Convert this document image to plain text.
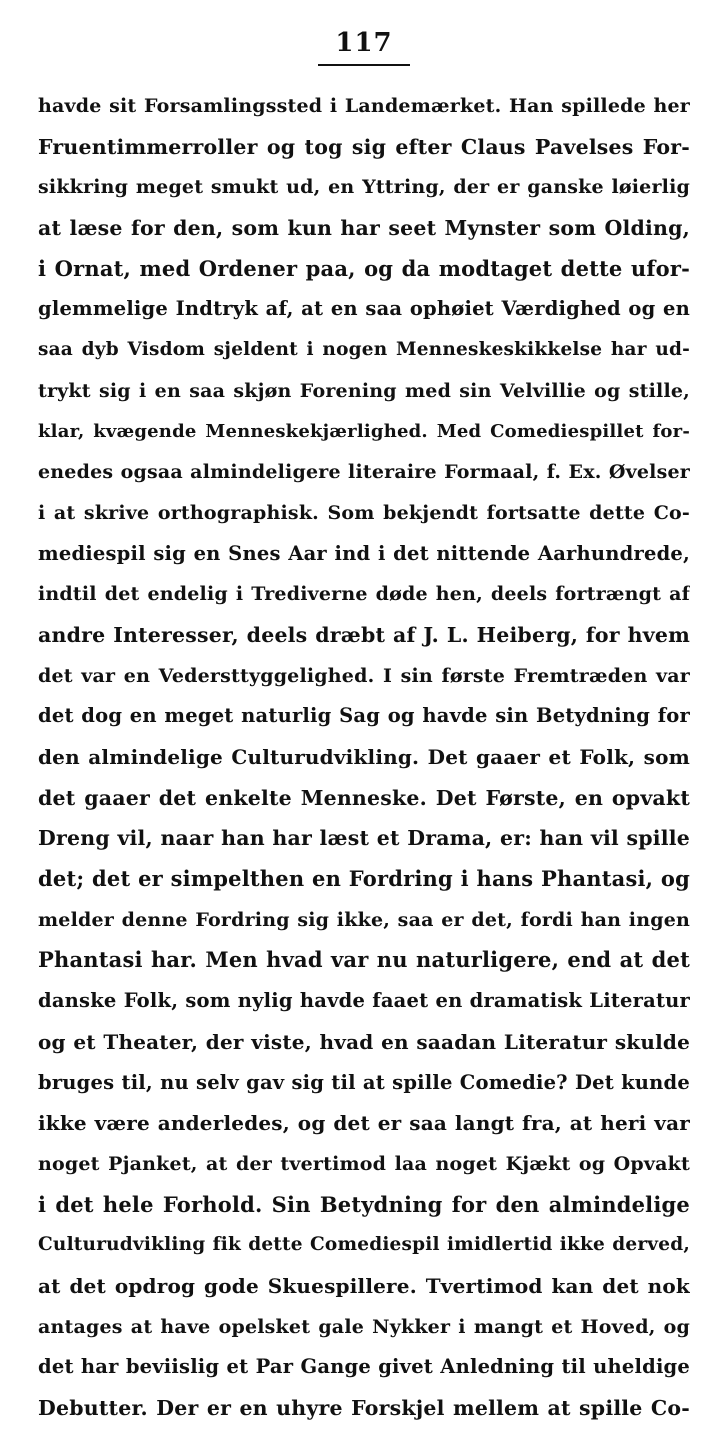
117
havde sit Forsamlingssted i Landemærket. Han spillede her
Fruentimmerroller og tog sig efter Claus Pavelses For-
sikkring meget smukt ud, en Yttring, der er ganske løierlig
at læse for den, som kun har seet Mynster som Olding,
i Ornat, med Ordener paa, og da modtaget dette ufor-
glemmelige Indtryk af, at en saa ophøiet Værdighed og en
saa dyb Visdom sjeldent i nogen Menneskeskikkelse har ud-
trykt sig i en saa skjøn Forening med sin Velvillie og stille,
klar, kvægende Menneskekjærlighed. Med Comediespillet for-
enedes ogsaa almindeligere literaire Formaal, f. Ex. Øvelser
i at skrive orthographisk. Som bekjendt fortsatte dette Co-
mediespil sig en Snes Aar ind i det nittende Aarhundrede,
indtil det endelig i Trediverne døde hen, deels fortrængt af
andre Interesser, deels dræbt af J. L. Heiberg, for hvem
det var en Vedersttyggelighed. I sin første Fremtræden var
det dog en meget naturlig Sag og havde sin Betydning for
den almindelige Culturudvikling. Det gaaer et Folk, som
det gaaer det enkelte Menneske. Det Første, en opvakt
Dreng vil, naar han har læst et Drama, er: han vil spille
det; det er simpelthen en Fordring i hans Phantasi, og
melder denne Fordring sig ikke, saa er det, fordi han ingen
Phantasi har. Men hvad var nu naturligere, end at det
danske Folk, som nylig havde faaet en dramatisk Literatur
og et Theater, der viste, hvad en saadan Literatur skulde
bruges til, nu selv gav sig til at spille Comedie? Det kunde
ikke være anderledes, og det er saa langt fra, at heri var
noget Pjanket, at der tvertimod laa noget Kjækt og Opvakt
i det hele Forhold. Sin Betydning for den almindelige
Culturudvikling fik dette Comediespil imidlertid ikke derved,
at det opdrog gode Skuespillere. Tvertimod kan det nok
antages at have opelsket gale Nykker i mangt et Hoved, og
det har beviislig et Par Gange givet Anledning til uheldige
Debutter. Der er en uhyre Forskjel mellem at spille Co-
